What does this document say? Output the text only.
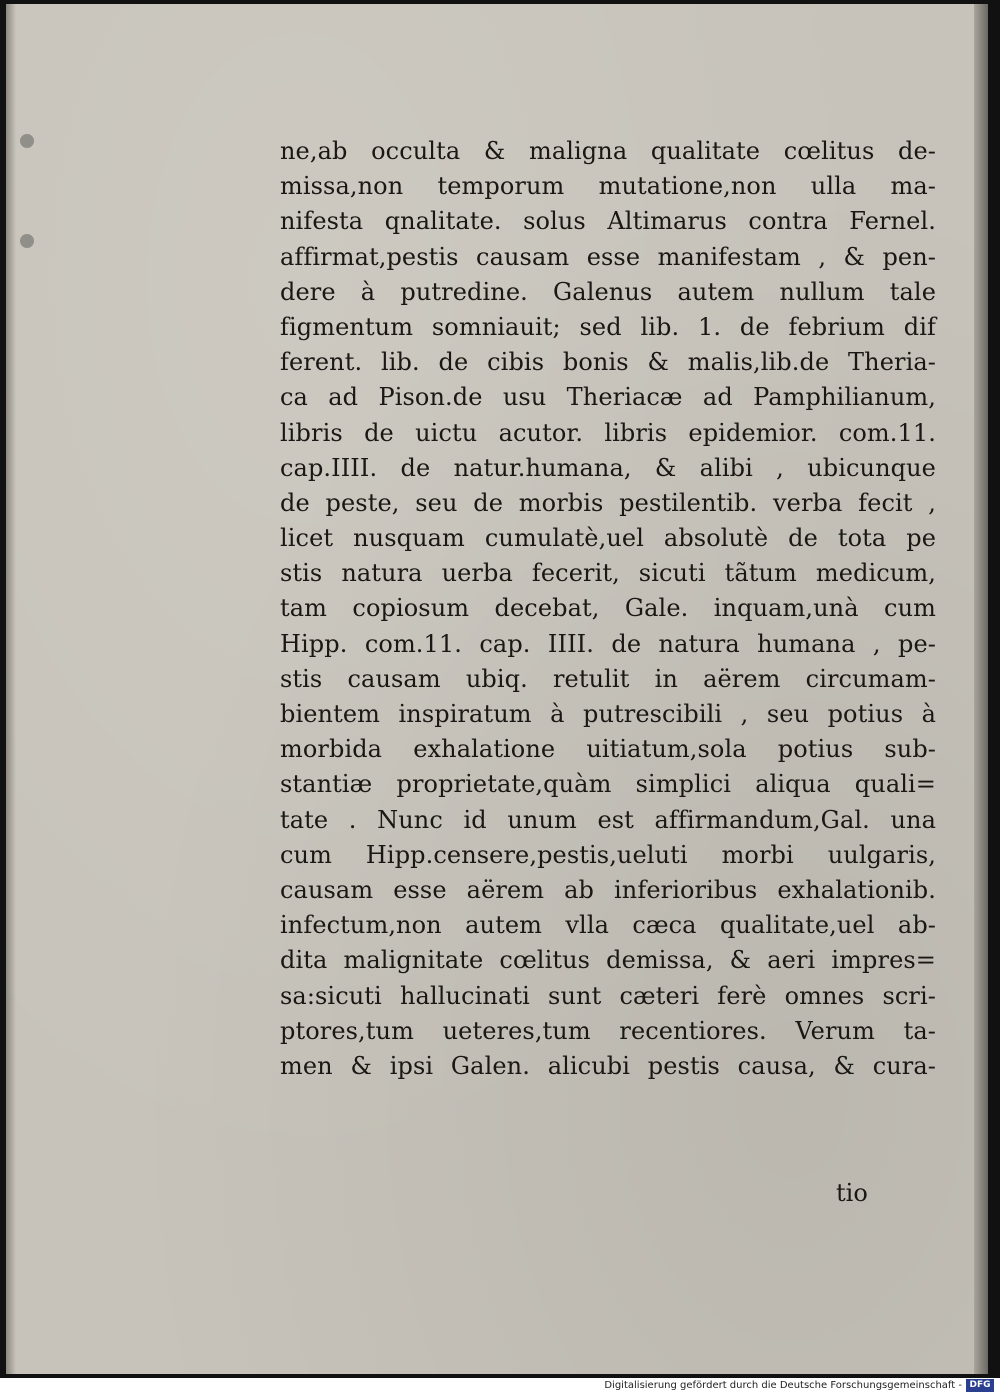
ne,ab occulta & maligna qualitate cœlitus de-
missa,non temporum mutatione,non ulla ma-
nifesta qnalitate. solus Altimarus contra Fernel.
affirmat,pestis causam esse manifestam , & pen-
dere à putredine. Galenus autem nullum tale
figmentum somniauit; sed lib. 1. de febrium dif
ferent. lib. de cibis bonis & malis,lib.de Theria-
ca ad Pison.de usu Theriacæ ad Pamphilianum,
libris de uictu acutor. libris epidemior. com.11.
cap.IIII. de natur.humana, & alibi , ubicunque
de peste, seu de morbis pestilentib. verba fecit ,
licet nusquam cumulatè,uel absolutè de tota pe
stis natura uerba fecerit, sicuti tãtum medicum,
tam copiosum decebat, Gale. inquam,unà cum
Hipp. com.11. cap. IIII. de natura humana , pe-
stis causam ubiq. retulit in aërem circumam-
bientem inspiratum à putrescibili , seu potius à
morbida exhalatione uitiatum,sola potius sub-
stantiæ proprietate,quàm simplici aliqua quali=
tate . Nunc id unum est affirmandum,Gal. una
cum Hipp.censere,pestis,ueluti morbi uulgaris,
causam esse aërem ab inferioribus exhalationib.
infectum,non autem vlla cæca qualitate,uel ab-
dita malignitate cœlitus demissa, & aeri impres=
sa:sicuti hallucinati sunt cæteri ferè omnes scri-
ptores,tum ueteres,tum recentiores. Verum ta-
men & ipsi Galen. alicubi pestis causa, & cura-
tio
Digitalisierung gefördert durch die Deutsche Forschungsgemeinschaft - DFG
